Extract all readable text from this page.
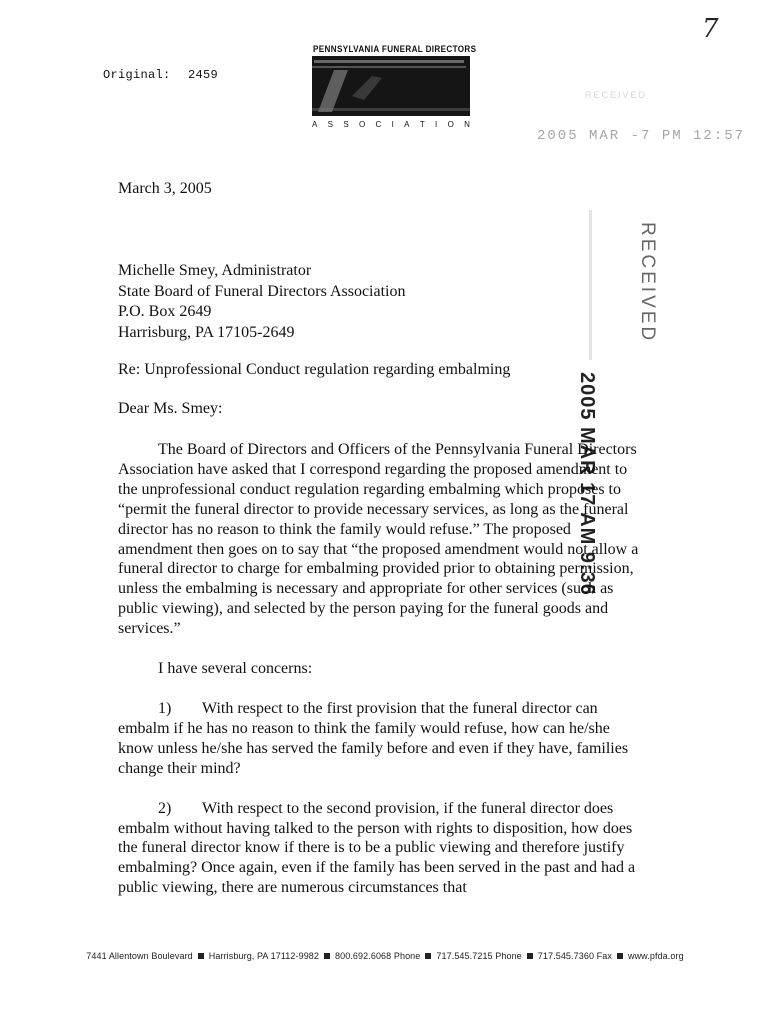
7
Original: 2459
PENNSYLVANIA FUNERAL DIRECTORS
A S S O C I A T I O N
2005 MAR -7 PM 12:57
RECEIVED
March 3, 2005
Michelle Smey, Administrator
State Board of Funeral Directors Association
P.O. Box 2649
Harrisburg, PA 17105-2649
2005 MAR 17 AM 9:36
RECEIVED
Re: Unprofessional Conduct regulation regarding embalming
Dear Ms. Smey:

The Board of Directors and Officers of the Pennsylvania Funeral Directors Association have asked that I correspond regarding the proposed amendment to the unprofessional conduct regulation regarding embalming which proposes to “permit the funeral director to provide necessary services, as long as the funeral director has no reason to think the family would refuse.” The proposed amendment then goes on to say that “the proposed amendment would not allow a funeral director to charge for embalming provided prior to obtaining permission, unless the embalming is necessary and appropriate for other services (such as public viewing), and selected by the person paying for the funeral goods and services.”

I have several concerns:

1) With respect to the first provision that the funeral director can embalm if he has no reason to think the family would refuse, how can he/she know unless he/she has served the family before and even if they have, families change their mind?

2) With respect to the second provision, if the funeral director does embalm without having talked to the person with rights to disposition, how does the funeral director know if there is to be a public viewing and therefore justify embalming? Once again, even if the family has been served in the past and had a public viewing, there are numerous circumstances that

7441 Allentown Boulevard Harrisburg, PA 17112-9982 800.692.6068 Phone 717.545.7215 Phone 717.545.7360 Fax www.pfda.org
